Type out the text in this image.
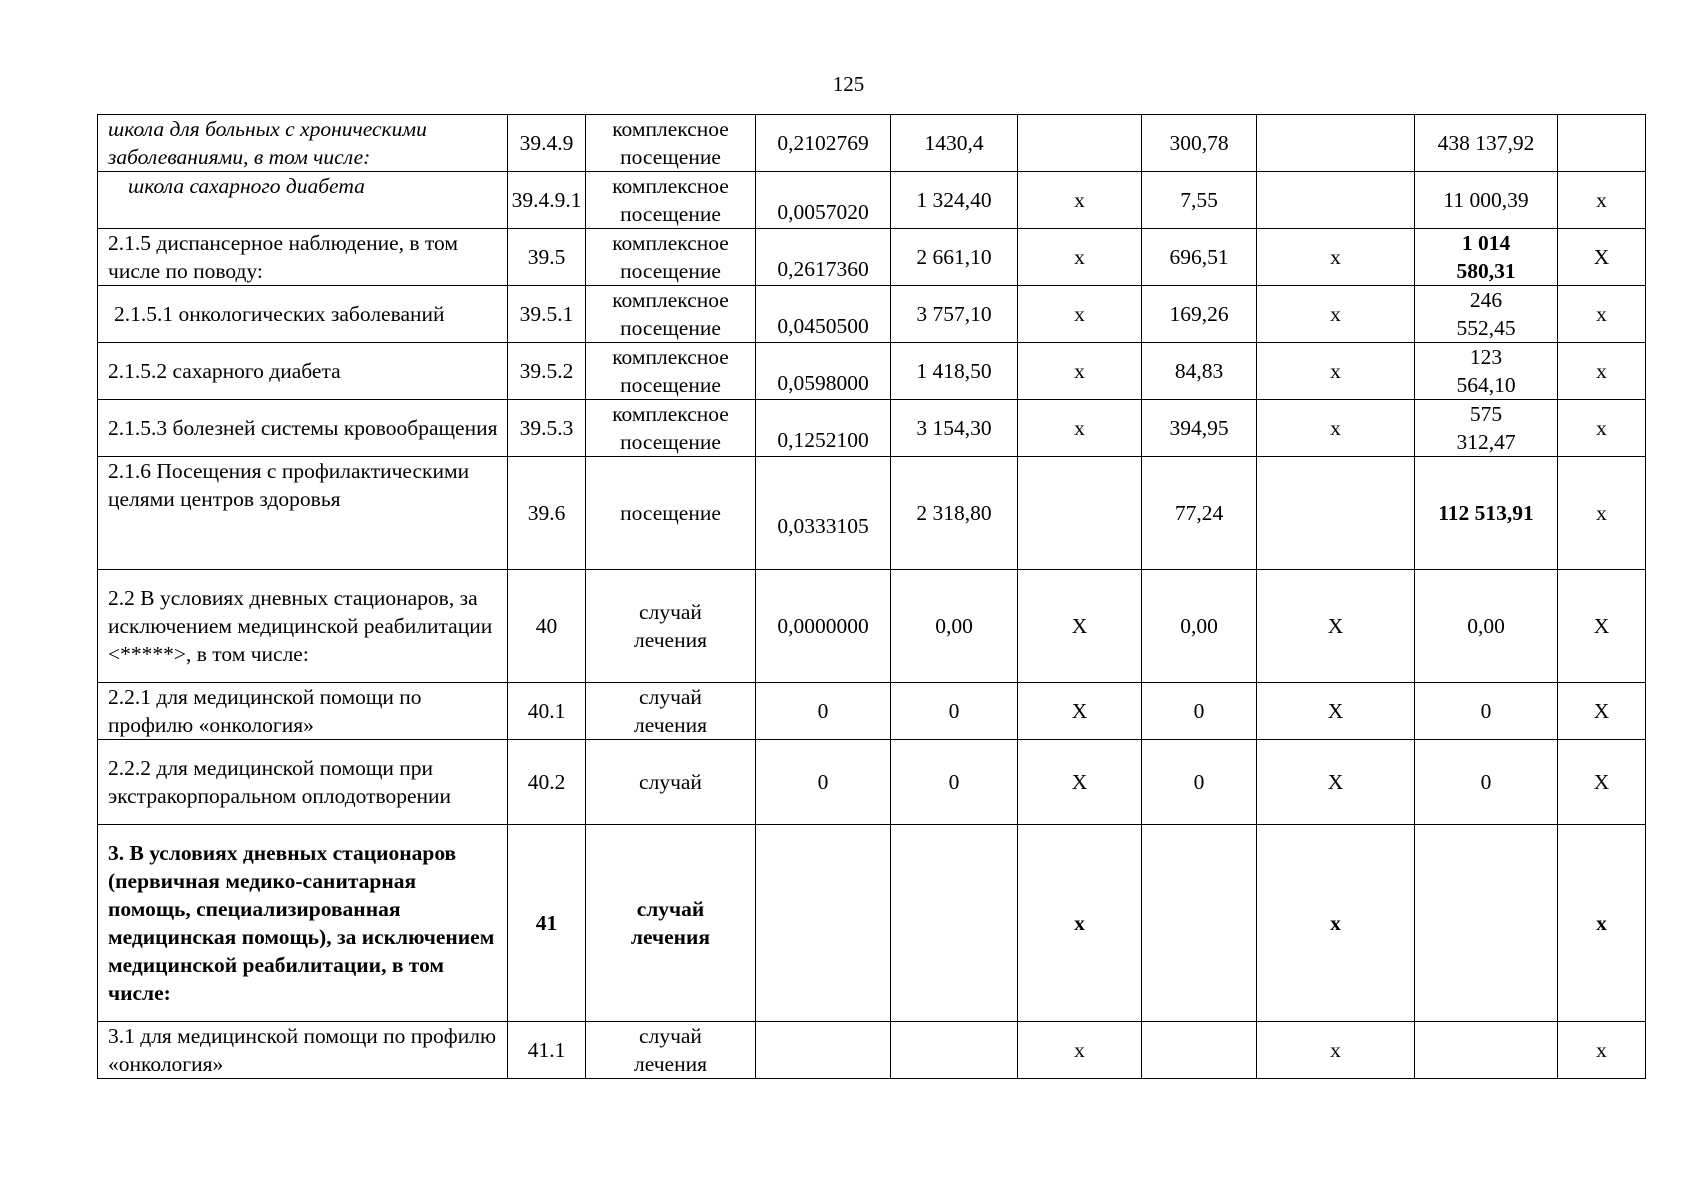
125
школа для больных с хроническими заболеваниями, в том числе:	39.4.9	комплексное посещение	0,2102769	1430,4		300,78		438 137,92	
школа сахарного диабета	39.4.9.1	комплексное посещение	0,0057020	1 324,40	х	7,55		11 000,39	х
2.1.5 диспансерное наблюдение, в том числе по поводу:	39.5	комплексное посещение	0,2617360	2 661,10	х	696,51	х	1 014 580,31	Х
2.1.5.1 онкологических заболеваний	39.5.1	комплексное посещение	0,0450500	3 757,10	х	169,26	х	246 552,45	х
2.1.5.2 сахарного диабета	39.5.2	комплексное посещение	0,0598000	1 418,50	х	84,83	х	123 564,10	х
2.1.5.3 болезней системы кровообращения	39.5.3	комплексное посещение	0,1252100	3 154,30	х	394,95	х	575 312,47	х
2.1.6 Посещения с профилактическими целями центров здоровья	39.6	посещение	0,0333105	2 318,80		77,24		112 513,91	х
2.2 В условиях дневных стационаров, за исключением медицинской реабилитации <*****>, в том числе:	40	случай лечения	0,0000000	0,00	Х	0,00	Х	0,00	Х
2.2.1 для медицинской помощи по профилю «онкология»	40.1	случай лечения	0	0	Х	0	Х	0	Х
2.2.2 для медицинской помощи при экстракорпоральном оплодотворении	40.2	случай	0	0	Х	0	Х	0	Х
3. В условиях дневных стационаров (первичная медико-санитарная помощь, специализированная медицинская помощь), за исключением медицинской реабилитации, в том числе:	41	случай лечения			х		х		х
3.1 для медицинской помощи по профилю «онкология»	41.1	случай лечения			х		х		х
